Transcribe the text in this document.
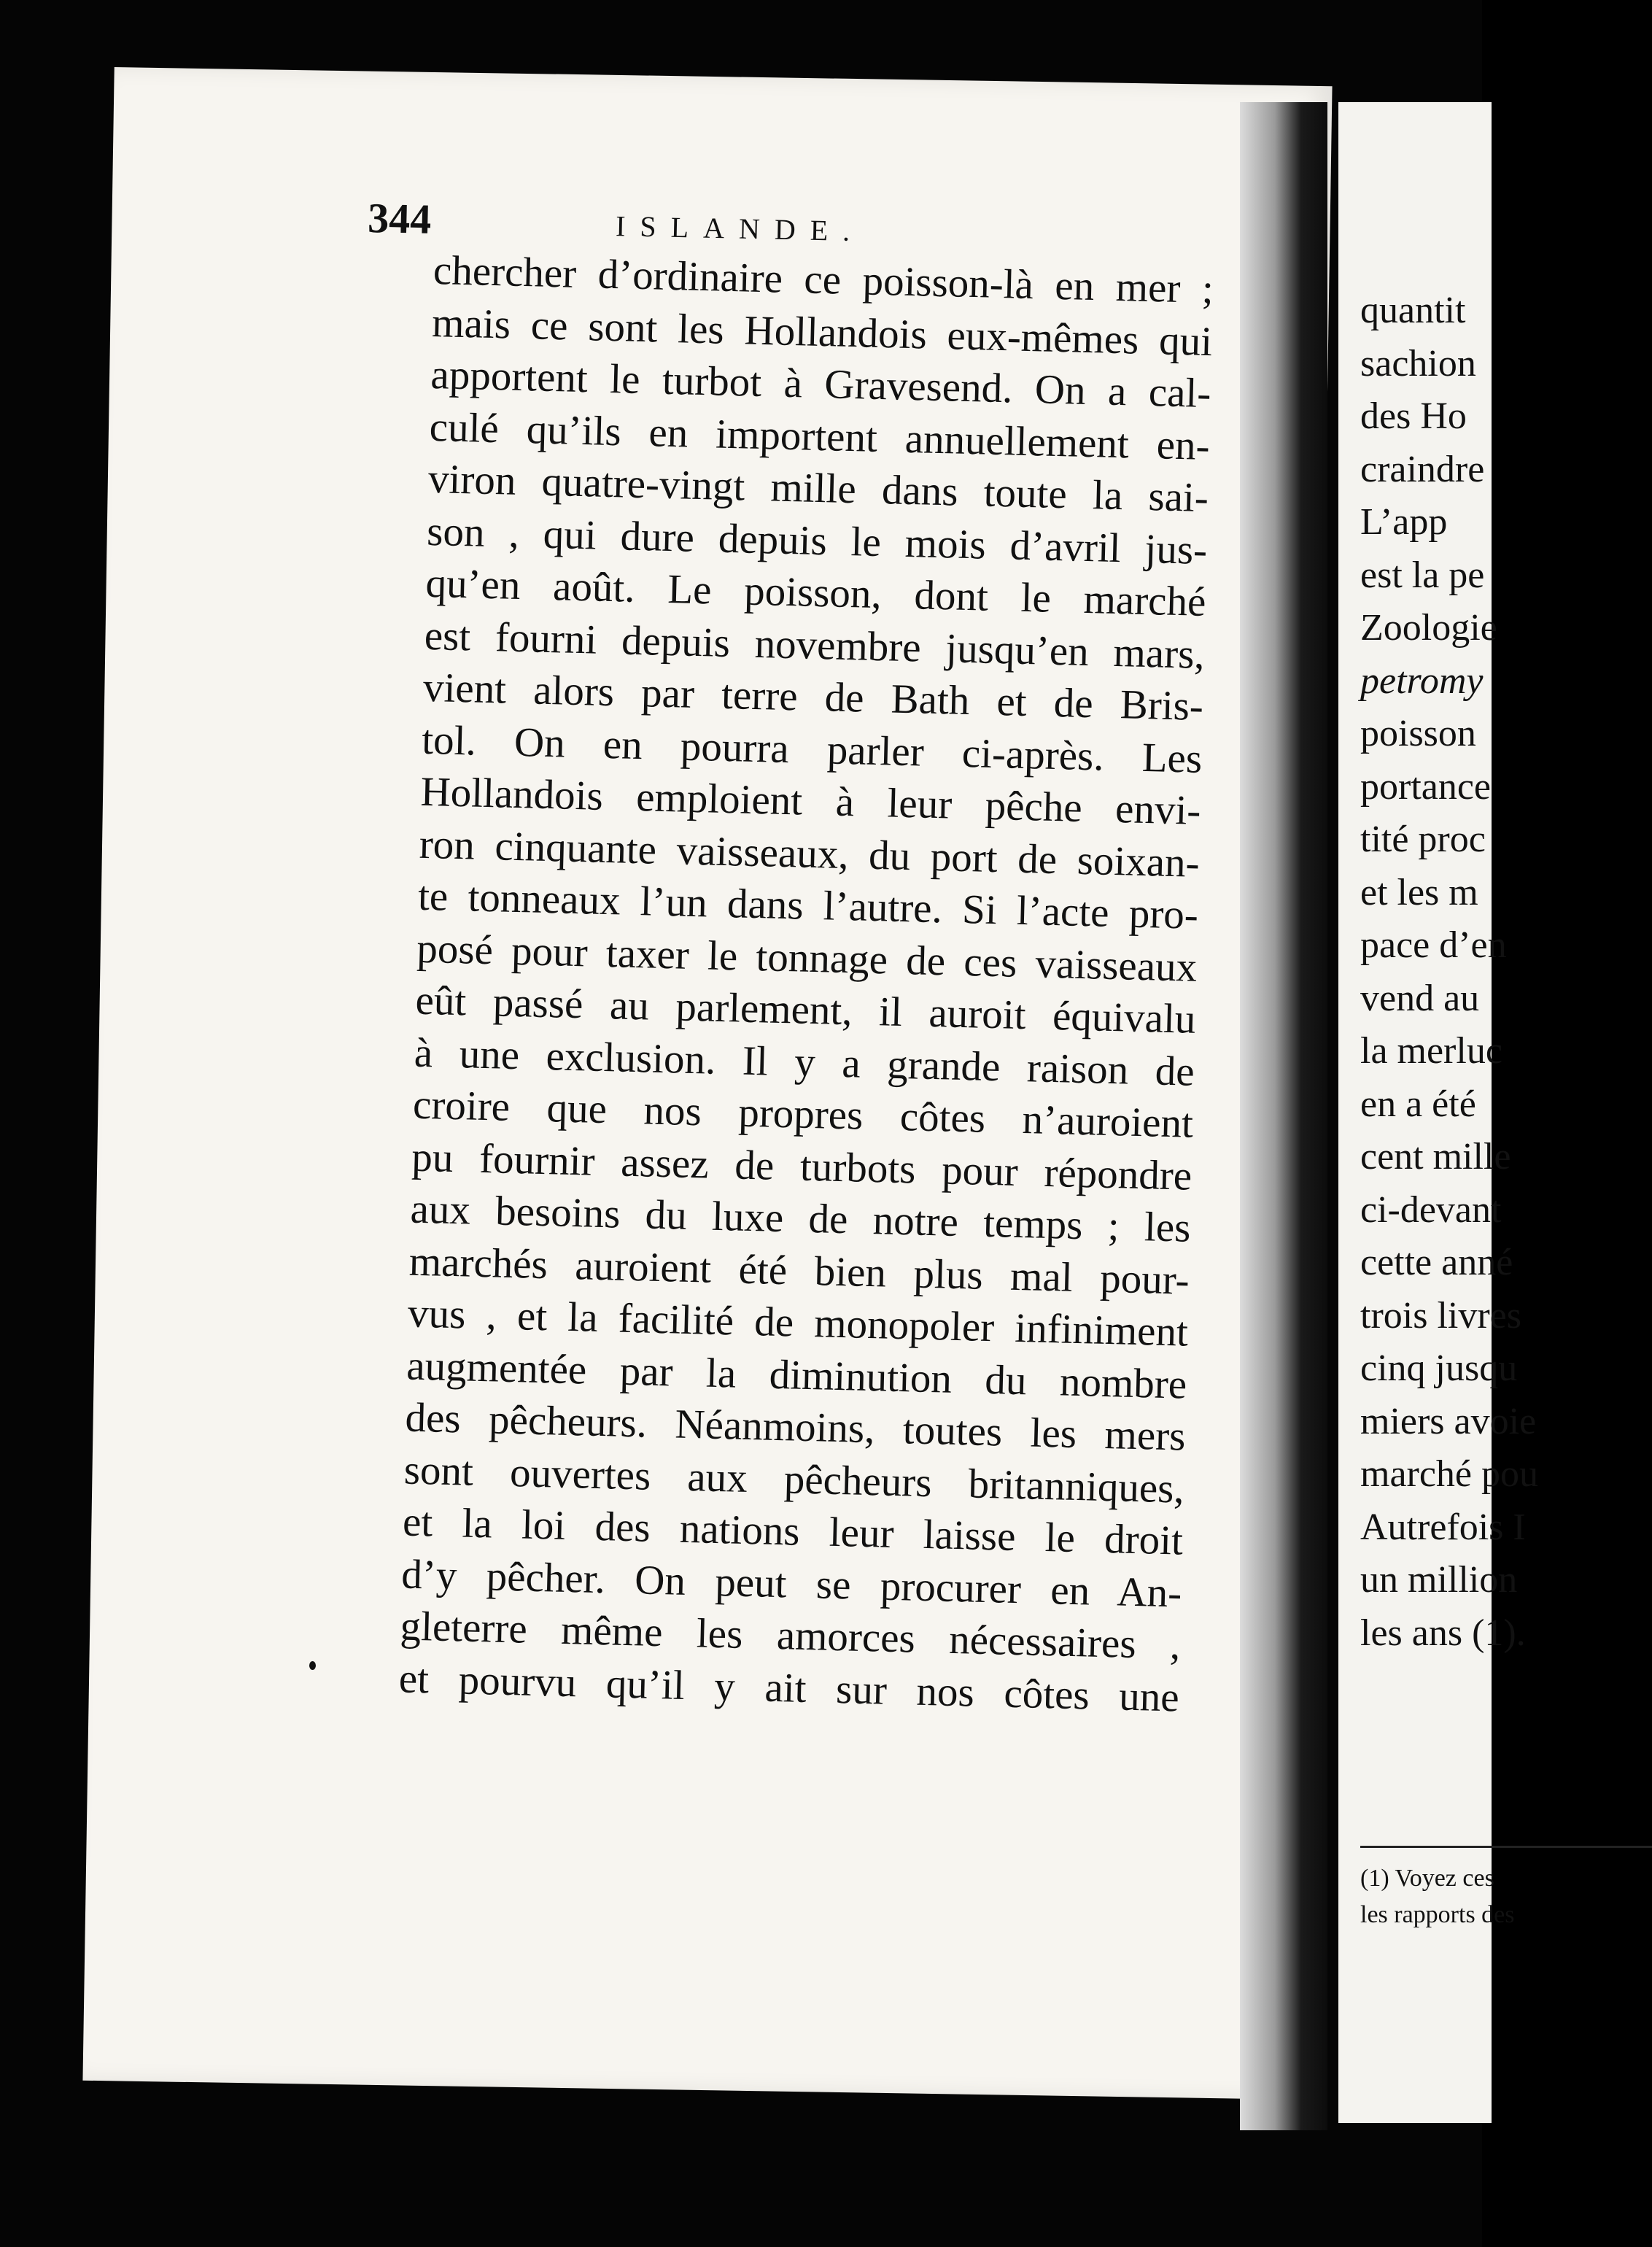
344	ISLANDE.
chercher d’ordinaire ce poisson-là en mer ;
mais ce sont les Hollandois eux-mêmes qui
apportent le turbot à Gravesend. On a cal-
culé qu’ils en importent annuellement en-
viron quatre-vingt mille dans toute la sai-
son , qui dure depuis le mois d’avril jus-
qu’en août. Le poisson, dont le marché
est fourni depuis novembre jusqu’en mars,
vient alors par terre de Bath et de Bris-
tol. On en pourra parler ci-après. Les
Hollandois emploient à leur pêche envi-
ron cinquante vaisseaux, du port de soixan-
te tonneaux l’un dans l’autre. Si l’acte pro-
posé pour taxer le tonnage de ces vaisseaux
eût passé au parlement, il auroit équivalu
à une exclusion. Il y a grande raison de
croire que nos propres côtes n’auroient
pu fournir assez de turbots pour répondre
aux besoins du luxe de notre temps ; les
marchés auroient été bien plus mal pour-
vus , et la facilité de monopoler infiniment
augmentée par la diminution du nombre
des pêcheurs. Néanmoins, toutes les mers
sont ouvertes aux pêcheurs britanniques,
et la loi des nations leur laisse le droit
d’y pêcher. On peut se procurer en An-
gleterre même les amorces nécessaires ,
et pourvu qu’il y ait sur nos côtes une
quantit
sachion
des Ho
craindre
L’app
est la pe
Zoologie
petromy
poisson
portance
tité proc
et les m
pace d’en
vend au
la merluc
en a été
cent mille
ci-devant
cette anné
trois livres
cinq jusqu
miers avoie
marché pou
Autrefois I
un million
les ans (1).
(1) Voyez ces
les rapports des
